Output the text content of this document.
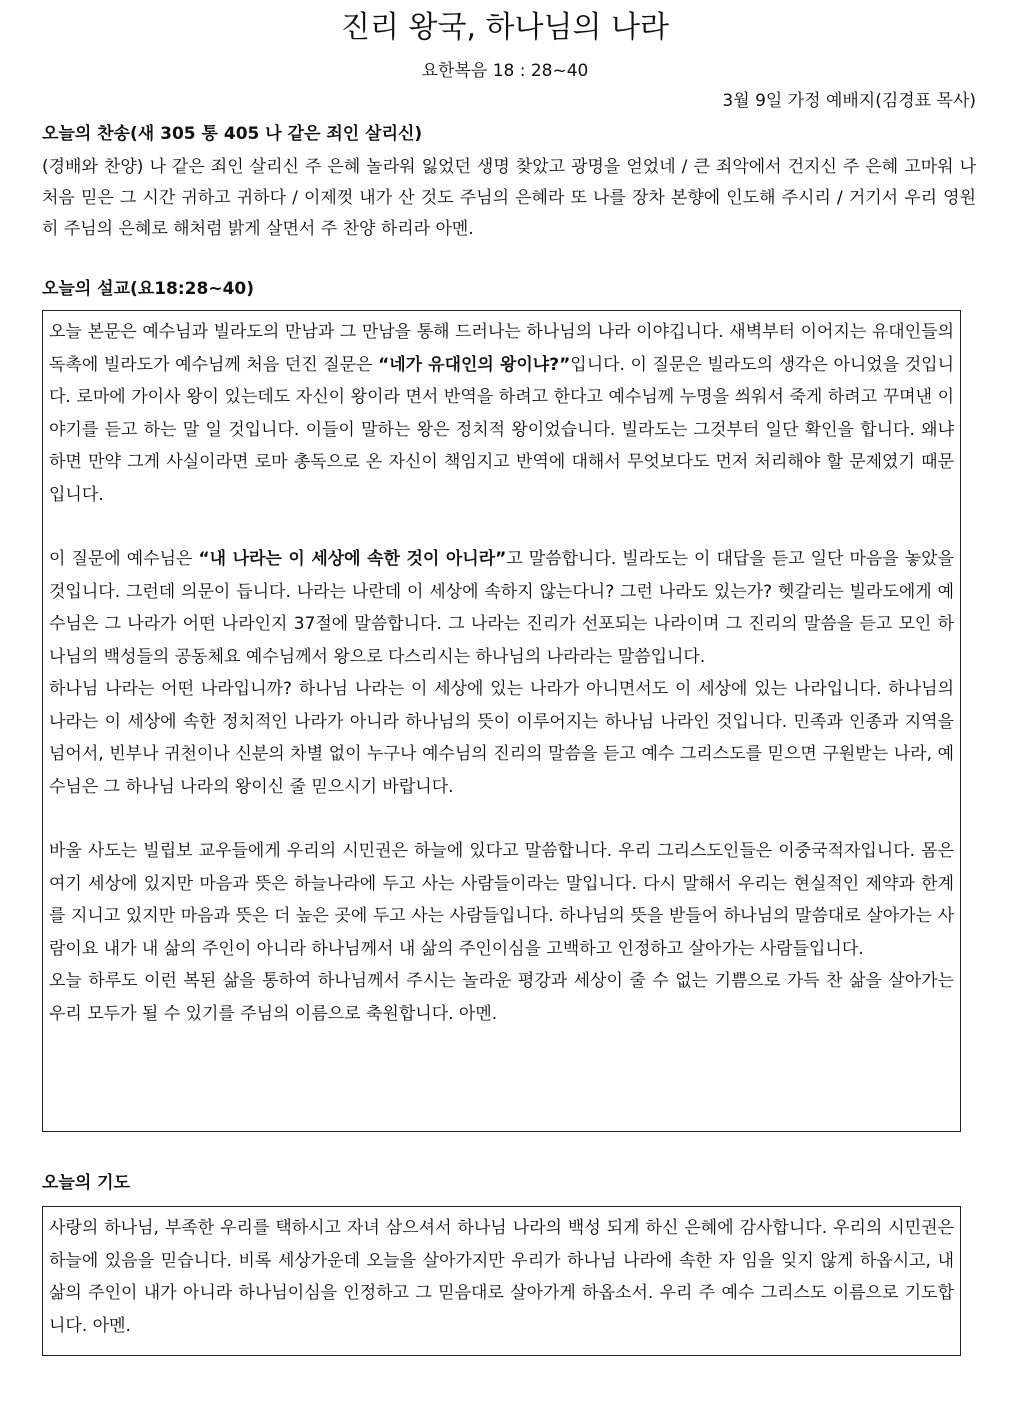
진리 왕국, 하나님의 나라
요한복음 18 : 28~40
3월 9일 가정 예배지(김경표 목사)
오늘의 찬송(새 305 통 405 나 같은 죄인 살리신)

(경배와 찬양) 나 같은 죄인 살리신 주 은혜 놀라워 잃었던 생명 찾았고 광명을 얻었네 / 큰 죄악에서 건지신 주 은혜 고마워 나 처음 믿은 그 시간 귀하고 귀하다 / 이제껏 내가 산 것도 주님의 은혜라 또 나를 장차 본향에 인도해 주시리 / 거기서 우리 영원히 주님의 은혜로 해처럼 밝게 살면서 주 찬양 하리라 아멘.

오늘의 설교(요18:28~40)

오늘 본문은 예수님과 빌라도의 만남과 그 만남을 통해 드러나는 하나님의 나라 이야깁니다. 새벽부터 이어지는 유대인들의 독촉에 빌라도가 예수님께 처음 던진 질문은 “네가 유대인의 왕이냐?”입니다. 이 질문은 빌라도의 생각은 아니었을 것입니다. 로마에 가이사 왕이 있는데도 자신이 왕이라 면서 반역을 하려고 한다고 예수님께 누명을 씌워서 죽게 하려고 꾸며낸 이야기를 듣고 하는 말 일 것입니다. 이들이 말하는 왕은 정치적 왕이었습니다. 빌라도는 그것부터 일단 확인을 합니다. 왜냐하면 만약 그게 사실이라면 로마 총독으로 온 자신이 책임지고 반역에 대해서 무엇보다도 먼저 처리해야 할 문제였기 때문입니다.

이 질문에 예수님은 “내 나라는 이 세상에 속한 것이 아니라”고 말씀합니다. 빌라도는 이 대답을 듣고 일단 마음을 놓았을 것입니다. 그런데 의문이 듭니다. 나라는 나란데 이 세상에 속하지 않는다니? 그런 나라도 있는가? 헷갈리는 빌라도에게 예수님은 그 나라가 어떤 나라인지 37절에 말씀합니다. 그 나라는 진리가 선포되는 나라이며 그 진리의 말씀을 듣고 모인 하나님의 백성들의 공동체요 예수님께서 왕으로 다스리시는 하나님의 나라라는 말씀입니다.

하나님 나라는 어떤 나라입니까? 하나님 나라는 이 세상에 있는 나라가 아니면서도 이 세상에 있는 나라입니다. 하나님의 나라는 이 세상에 속한 정치적인 나라가 아니라 하나님의 뜻이 이루어지는 하나님 나라인 것입니다. 민족과 인종과 지역을 넘어서, 빈부나 귀천이나 신분의 차별 없이 누구나 예수님의 진리의 말씀을 듣고 예수 그리스도를 믿으면 구원받는 나라, 예수님은 그 하나님 나라의 왕이신 줄 믿으시기 바랍니다.

바울 사도는 빌립보 교우들에게 우리의 시민권은 하늘에 있다고 말씀합니다. 우리 그리스도인들은 이중국적자입니다. 몸은 여기 세상에 있지만 마음과 뜻은 하늘나라에 두고 사는 사람들이라는 말입니다. 다시 말해서 우리는 현실적인 제약과 한계를 지니고 있지만 마음과 뜻은 더 높은 곳에 두고 사는 사람들입니다. 하나님의 뜻을 받들어 하나님의 말씀대로 살아가는 사람이요 내가 내 삶의 주인이 아니라 하나님께서 내 삶의 주인이심을 고백하고 인정하고 살아가는 사람들입니다.

오늘 하루도 이런 복된 삶을 통하여 하나님께서 주시는 놀라운 평강과 세상이 줄 수 없는 기쁨으로 가득 찬 삶을 살아가는 우리 모두가 될 수 있기를 주님의 이름으로 축원합니다. 아멘.

오늘의 기도

사랑의 하나님, 부족한 우리를 택하시고 자녀 삼으셔서 하나님 나라의 백성 되게 하신 은혜에 감사합니다. 우리의 시민권은 하늘에 있음을 믿습니다. 비록 세상가운데 오늘을 살아가지만 우리가 하나님 나라에 속한 자 임을 잊지 않게 하옵시고, 내 삶의 주인이 내가 아니라 하나님이심을 인정하고 그 믿음대로 살아가게 하옵소서. 우리 주 예수 그리스도 이름으로 기도합니다. 아멘.
